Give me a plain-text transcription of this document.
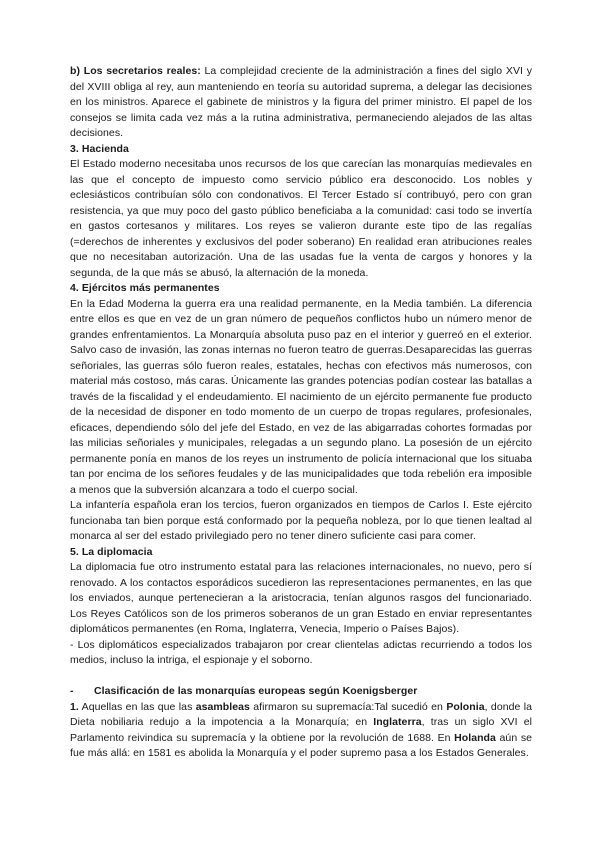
b) Los secretarios reales: La complejidad creciente de la administración a fines del siglo XVI y del XVIII obliga al rey, aun manteniendo en teoría su autoridad suprema, a delegar las decisiones en los ministros. Aparece el gabinete de ministros y la figura del primer ministro. El papel de los consejos se limita cada vez más a la rutina administrativa, permaneciendo alejados de las altas decisiones.

3. Hacienda

El Estado moderno necesitaba unos recursos de los que carecían las monarquías medievales en las que el concepto de impuesto como servicio público era desconocido. Los nobles y eclesiásticos contribuían sólo con condonativos. El Tercer Estado sí contribuyó, pero con gran resistencia, ya que muy poco del gasto público beneficiaba a la comunidad: casi todo se invertía en gastos cortesanos y militares. Los reyes se valieron durante este tipo de las regalías (=derechos de inherentes y exclusivos del poder soberano) En realidad eran atribuciones reales que no necesitaban autorización. Una de las usadas fue la venta de cargos y honores y la segunda, de la que más se abusó, la alternación de la moneda.

4. Ejércitos más permanentes

En la Edad Moderna la guerra era una realidad permanente, en la Media también. La diferencia entre ellos es que en vez de un gran número de pequeños conflictos hubo un número menor de grandes enfrentamientos. La Monarquía absoluta puso paz en el interior y guerreó en el exterior. Salvo caso de invasión, las zonas internas no fueron teatro de guerras.Desaparecidas las guerras señoriales, las guerras sólo fueron reales, estatales, hechas con efectivos más numerosos, con material más costoso, más caras. Únicamente las grandes potencias podían costear las batallas a través de la fiscalidad y el endeudamiento. El nacimiento de un ejército permanente fue producto de la necesidad de disponer en todo momento de un cuerpo de tropas regulares, profesionales, eficaces, dependiendo sólo del jefe del Estado, en vez de las abigarradas cohortes formadas por las milicias señoriales y municipales, relegadas a un segundo plano. La posesión de un ejército permanente ponía en manos de los reyes un instrumento de policía internacional que los situaba tan por encima de los señores feudales y de las municipalidades que toda rebelión era imposible a menos que la subversión alcanzara a todo el cuerpo social.

La infantería española eran los tercios, fueron organizados en tiempos de Carlos I. Este ejército funcionaba tan bien porque está conformado por la pequeña nobleza, por lo que tienen lealtad al monarca al ser del estado privilegiado pero no tener dinero suficiente casi para comer.

5. La diplomacia

La diplomacia fue otro instrumento estatal para las relaciones internacionales, no nuevo, pero sí renovado. A los contactos esporádicos sucedieron las representaciones permanentes, en las que los enviados, aunque pertenecieran a la aristocracia, tenían algunos rasgos del funcionariado. Los Reyes Católicos son de los primeros soberanos de un gran Estado en enviar representantes diplomáticos permanentes (en Roma, Inglaterra, Venecia, Imperio o Países Bajos).

- Los diplomáticos especializados trabajaron por crear clientelas adictas recurriendo a todos los medios, incluso la intriga, el espionaje y el soborno.

- Clasificación de las monarquías europeas según Koenigsberger

1. Aquellas en las que las asambleas afirmaron su supremacía:Tal sucedió en Polonia, donde la Dieta nobiliaria redujo a la impotencia a la Monarquía; en Inglaterra, tras un siglo XVI el Parlamento reivindica su supremacía y la obtiene por la revolución de 1688. En Holanda aún se fue más allá: en 1581 es abolida la Monarquía y el poder supremo pasa a los Estados Generales.
